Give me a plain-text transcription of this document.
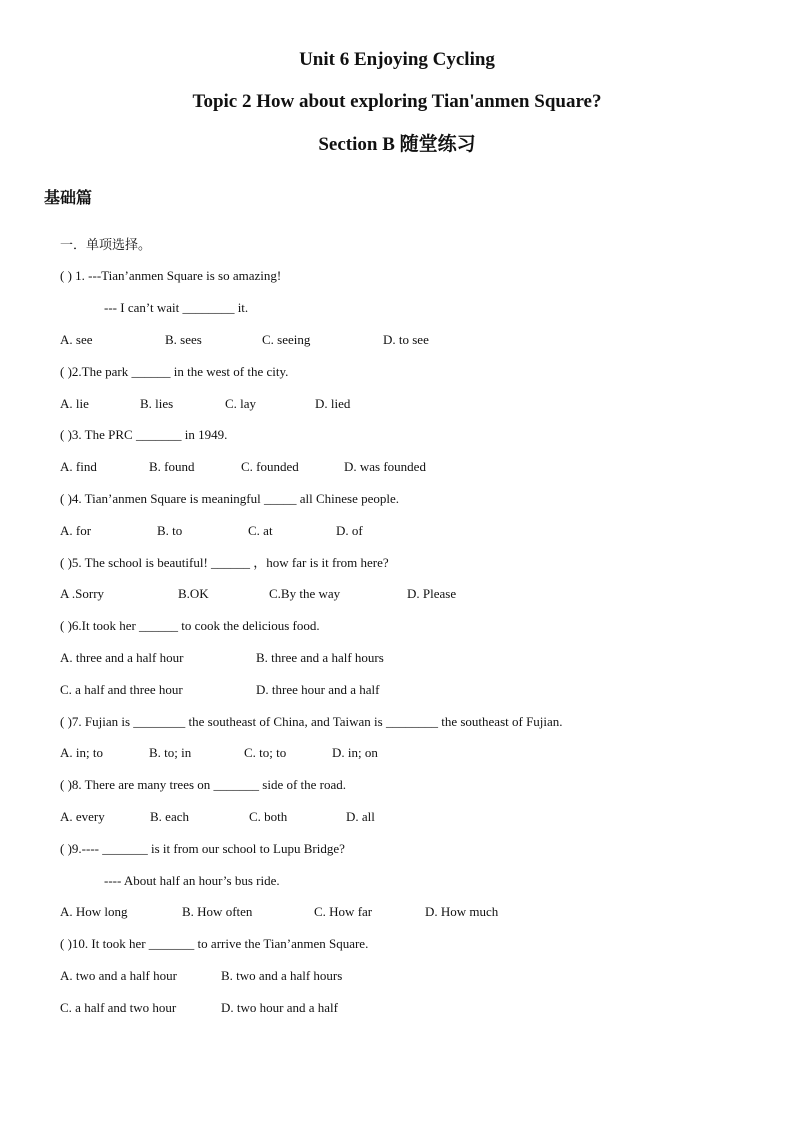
Unit 6 Enjoying Cycling
Topic 2 How about exploring Tian'anmen Square?
Section B 随堂练习
基础篇
一．单项选择。
( ) 1. ---Tian’anmen Square is so amazing!
--- I can’t wait ________ it.
A. see	B. sees	C. seeing	D. to see
( )2.The park ______ in the west of the city.
A. lie	B. lies	C. lay	D. lied
( )3. The PRC _______ in 1949.
A. find	B. found	C. founded	D. was founded
( )4. Tian’anmen Square is meaningful _____ all Chinese people.
A. for	B. to	C. at	D. of
( )5. The school is beautiful! ______ ，how far is it from here?
A .Sorry	B.OK	C.By the way	D. Please
( )6.It took her ______ to cook the delicious food.
A. three and a half hour	B. three and a half hours
C. a half and three hour	D. three hour and a half
( )7. Fujian is ________ the southeast of China, and Taiwan is ________ the southeast of Fujian.
A. in; to	B. to; in	C. to; to	D. in; on
( )8. There are many trees on _______ side of the road.
A. every	B. each	C. both	D. all
( )9.---- _______ is it from our school to Lupu Bridge?
---- About half an hour’s bus ride.
A. How long	B. How often	C. How far	D. How much
( )10. It took her _______ to arrive the Tian’anmen Square.
A. two and a half hour	B. two and a half hours
C. a half and two hour	D. two hour and a half
